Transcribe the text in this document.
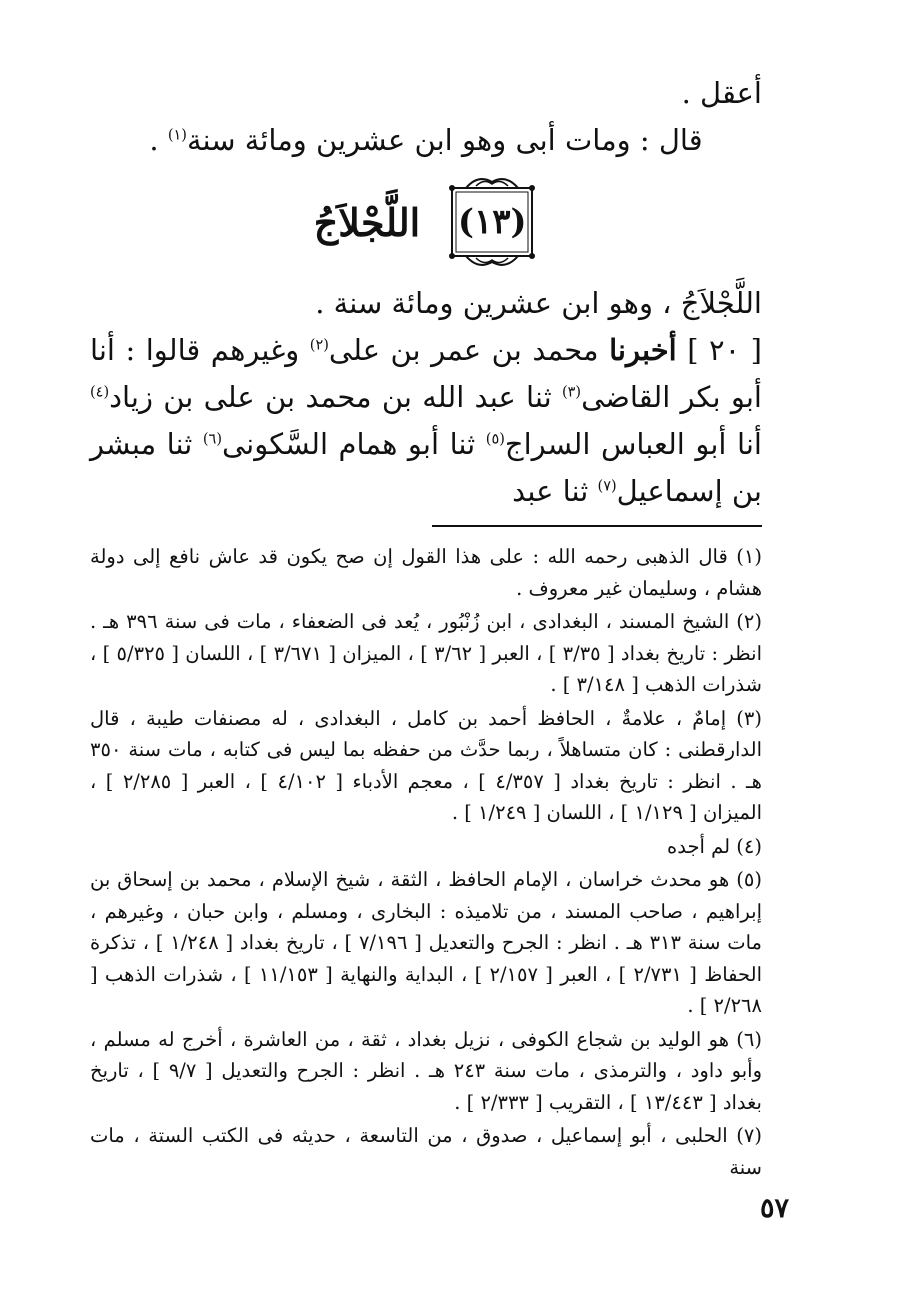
أعقل .

قال : ومات أبى وهو ابن عشرين ومائة سنة$^{(١)}$ .

(١٣)
اللَّجْلاَجُ

اللَّجْلاَجُ ، وهو ابن عشرين ومائة سنة .

[ ٢٠ ] أخبرنا محمد بن عمر بن على$^{(٢)}$ وغيرهم قالوا : أنا أبو بكر القاضى$^{(٣)}$ ثنا عبد الله بن محمد بن على بن زياد$^{(٤)}$ أنا أبو العباس السراج$^{(٥)}$ ثنا أبو همام السَّكونى$^{(٦)}$ ثنا مبشر بن إسماعيل$^{(٧)}$ ثنا عبد

(١) قال الذهبى رحمه الله : على هذا القول إن صح يكون قد عاش نافع إلى دولة هشام ، وسليمان غير معروف .

(٢) الشيخ المسند ، البغدادى ، ابن زُنْبُور ، يُعد فى الضعفاء ، مات فى سنة ٣٩٦ هـ . انظر : تاريخ بغداد [ ٣/٣٥ ] ، العبر [ ٣/٦٢ ] ، الميزان [ ٣/٦٧١ ] ، اللسان [ ٥/٣٢٥ ] ، شذرات الذهب [ ٣/١٤٨ ] .

(٣) إمامٌ ، علامةٌ ، الحافظ أحمد بن كامل ، البغدادى ، له مصنفات طيبة ، قال الدارقطنى : كان متساهلاً ، ربما حدَّث من حفظه بما ليس فى كتابه ، مات سنة ٣٥٠ هـ . انظر : تاريخ بغداد [ ٤/٣٥٧ ] ، معجم الأدباء [ ٤/١٠٢ ] ، العبر [ ٢/٢٨٥ ] ، الميزان [ ١/١٢٩ ] ، اللسان [ ١/٢٤٩ ] .

(٤) لم أجده

(٥) هو محدث خراسان ، الإمام الحافظ ، الثقة ، شيخ الإسلام ، محمد بن إسحاق بن إبراهيم ، صاحب المسند ، من تلاميذه : البخارى ، ومسلم ، وابن حبان ، وغيرهم ، مات سنة ٣١٣ هـ . انظر : الجرح والتعديل [ ٧/١٩٦ ] ، تاريخ بغداد [ ١/٢٤٨ ] ، تذكرة الحفاظ [ ٢/٧٣١ ] ، العبر [ ٢/١٥٧ ] ، البداية والنهاية [ ١١/١٥٣ ] ، شذرات الذهب [ ٢/٢٦٨ ] .

(٦) هو الوليد بن شجاع الكوفى ، نزيل بغداد ، ثقة ، من العاشرة ، أخرج له مسلم ، وأبو داود ، والترمذى ، مات سنة ٢٤٣ هـ . انظر : الجرح والتعديل [ ٩/٧ ] ، تاريخ بغداد [ ١٣/٤٤٣ ] ، التقريب [ ٢/٣٣٣ ] .

(٧) الحلبى ، أبو إسماعيل ، صدوق ، من التاسعة ، حديثه فى الكتب الستة ، مات سنة

٥٧
